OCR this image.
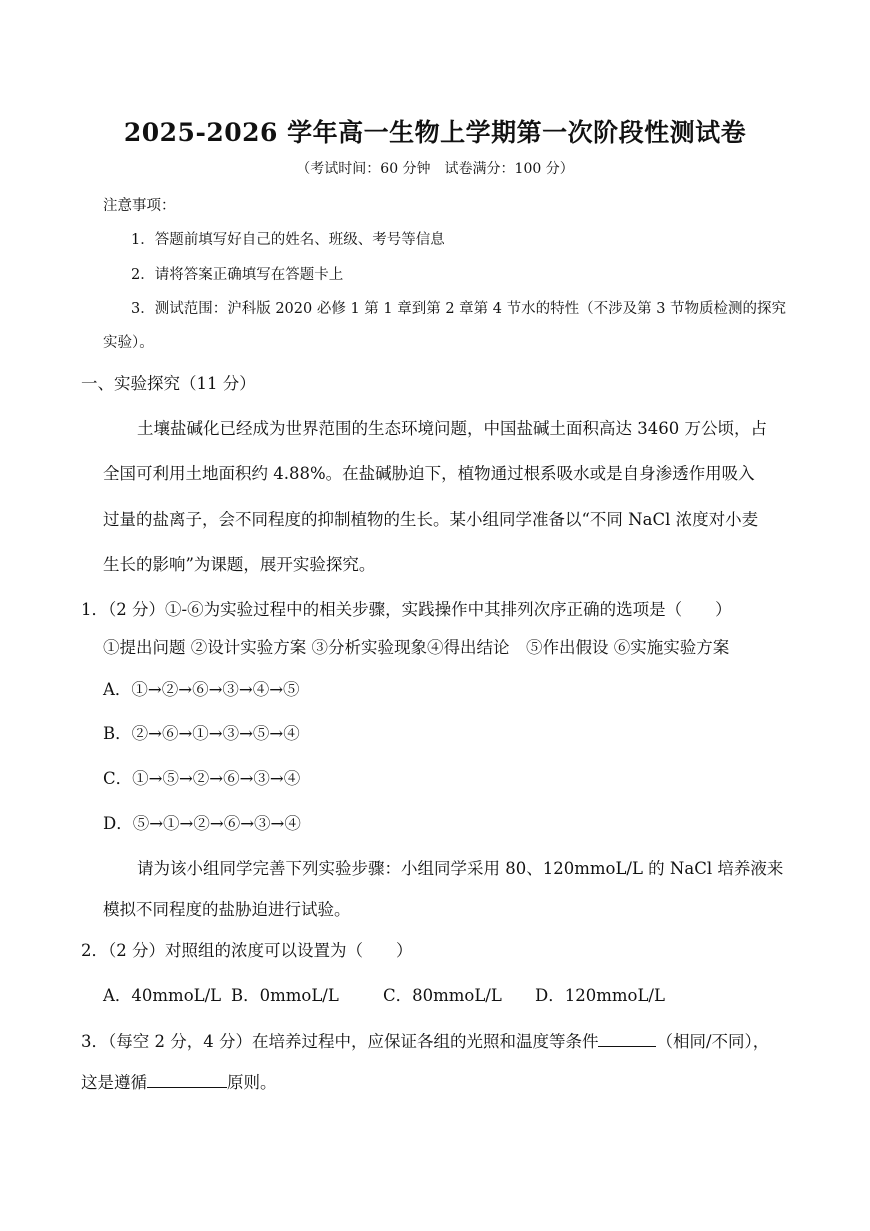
2025-2026 学年高一生物上学期第一次阶段性测试卷
（考试时间：60 分钟　试卷满分：100 分）
注意事项：
1．答题前填写好自己的姓名、班级、考号等信息
2．请将答案正确填写在答题卡上
3．测试范围：沪科版 2020 必修 1 第 1 章到第 2 章第 4 节水的特性（不涉及第 3 节物质检测的探究
实验）。
一、实验探究（11 分）
土壤盐碱化已经成为世界范围的生态环境问题，中国盐碱土面积高达 3460 万公顷，占
全国可利用土地面积约 4.88%。在盐碱胁迫下，植物通过根系吸水或是自身渗透作用吸入
过量的盐离子，会不同程度的抑制植物的生长。某小组同学准备以“不同 NaCl 浓度对小麦
生长的影响”为课题，展开实验探究。
1．（2 分）①-⑥为实验过程中的相关步骤，实践操作中其排列次序正确的选项是（　　）
①提出问题 ②设计实验方案 ③分析实验现象④得出结论　⑤作出假设 ⑥实施实验方案
A．①→②→⑥→③→④→⑤
B．②→⑥→①→③→⑤→④
C．①→⑤→②→⑥→③→④
D．⑤→①→②→⑥→③→④
请为该小组同学完善下列实验步骤：小组同学采用 80、120mmoL/L 的 NaCl 培养液来
模拟不同程度的盐胁迫进行试验。
2．（2 分）对照组的浓度可以设置为（　　）
A．40mmoL/L B．0mmoL/L	C．80mmoL/L D．120mmoL/L
3．（每空 2 分，4 分）在培养过程中，应保证各组的光照和温度等条件	（相同/不同），
这是遵循	原则。
